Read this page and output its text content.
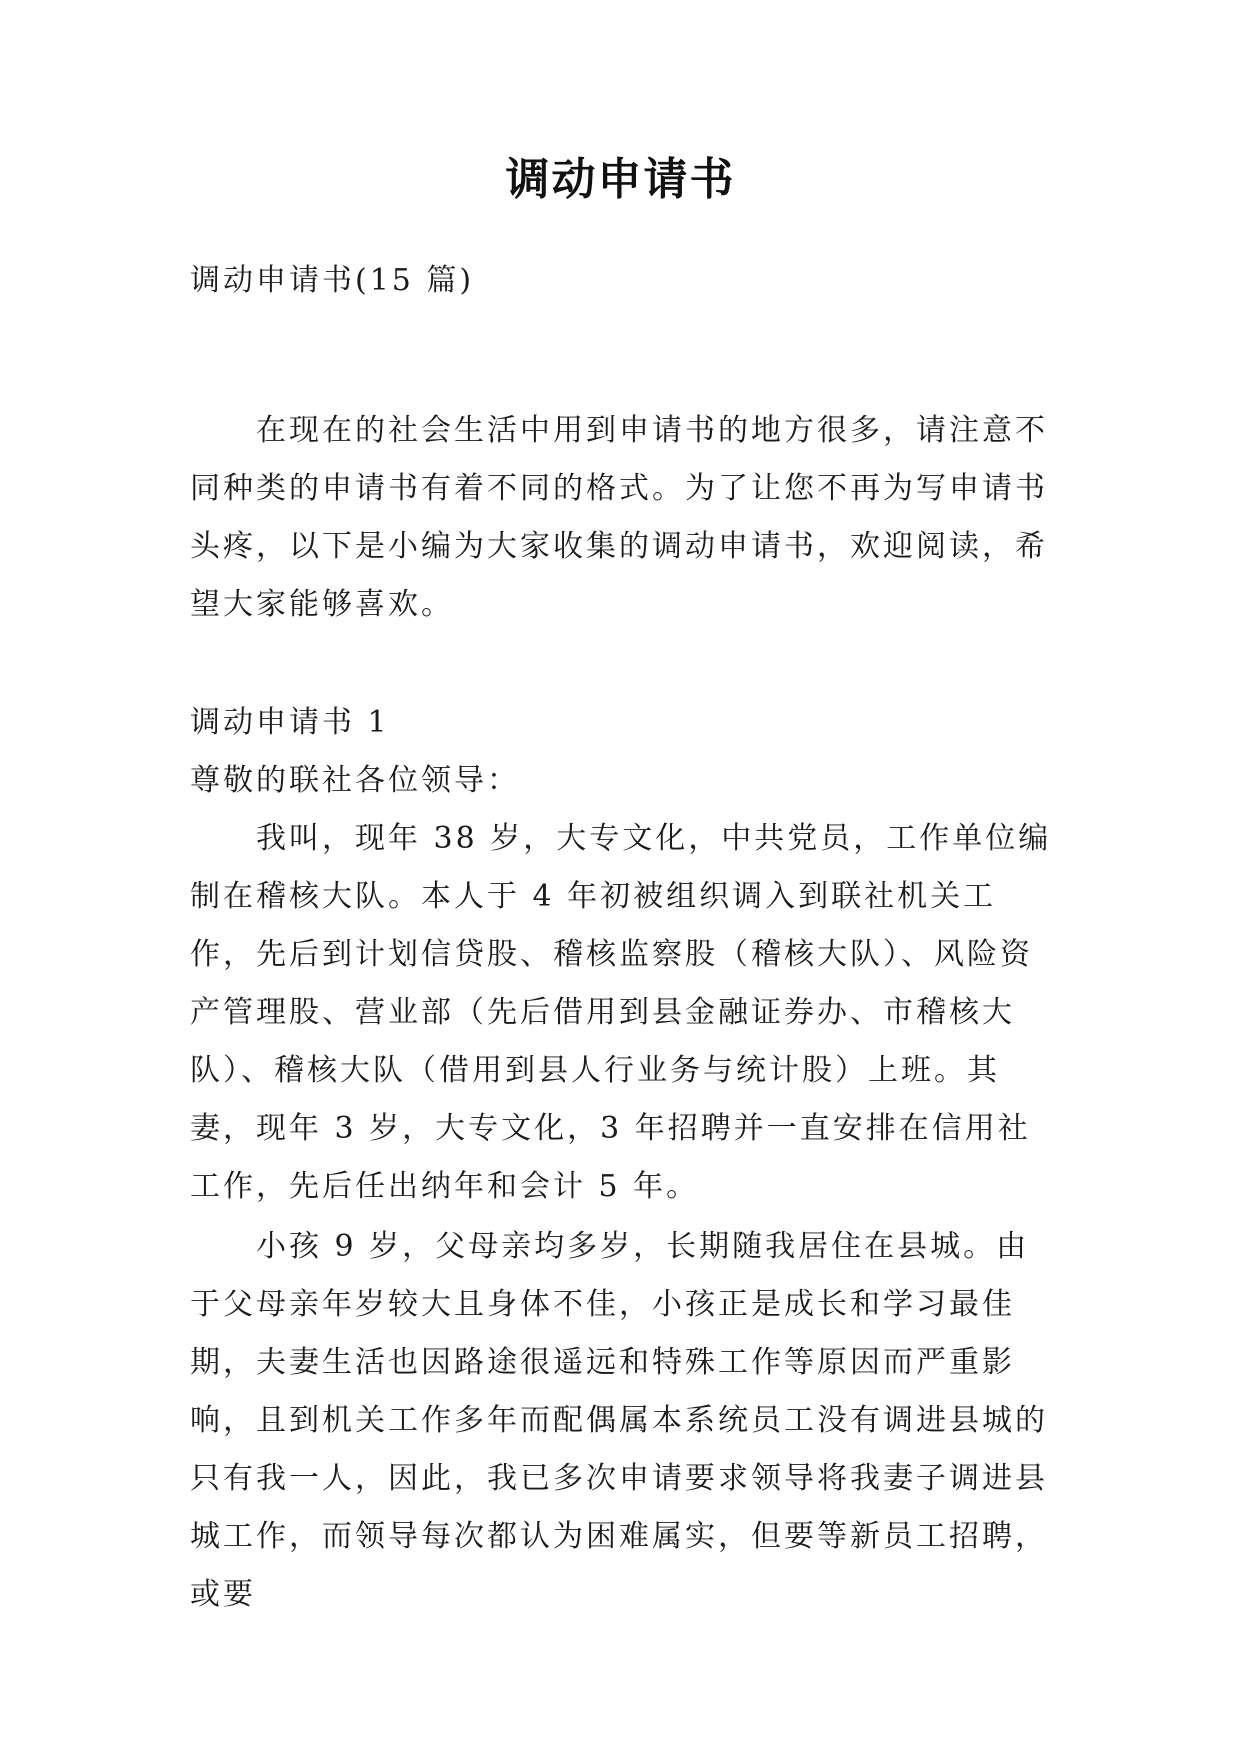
调动申请书
调动申请书(15 篇)
在现在的社会生活中用到申请书的地方很多，请注意不同种类的申请书有着不同的格式。为了让您不再为写申请书头疼，以下是小编为大家收集的调动申请书，欢迎阅读，希望大家能够喜欢。
调动申请书 1
尊敬的联社各位领导：
我叫，现年 38 岁，大专文化，中共党员，工作单位编制在稽核大队。本人于 4 年初被组织调入到联社机关工作，先后到计划信贷股、稽核监察股（稽核大队）、风险资产管理股、营业部（先后借用到县金融证券办、市稽核大队）、稽核大队（借用到县人行业务与统计股）上班。其妻，现年 3 岁，大专文化，3 年招聘并一直安排在信用社工作，先后任出纳年和会计 5 年。
小孩 9 岁，父母亲均多岁，长期随我居住在县城。由于父母亲年岁较大且身体不佳，小孩正是成长和学习最佳期，夫妻生活也因路途很遥远和特殊工作等原因而严重影响，且到机关工作多年而配偶属本系统员工没有调进县城的只有我一人，因此，我已多次申请要求领导将我妻子调进县城工作，而领导每次都认为困难属实，但要等新员工招聘，或要
